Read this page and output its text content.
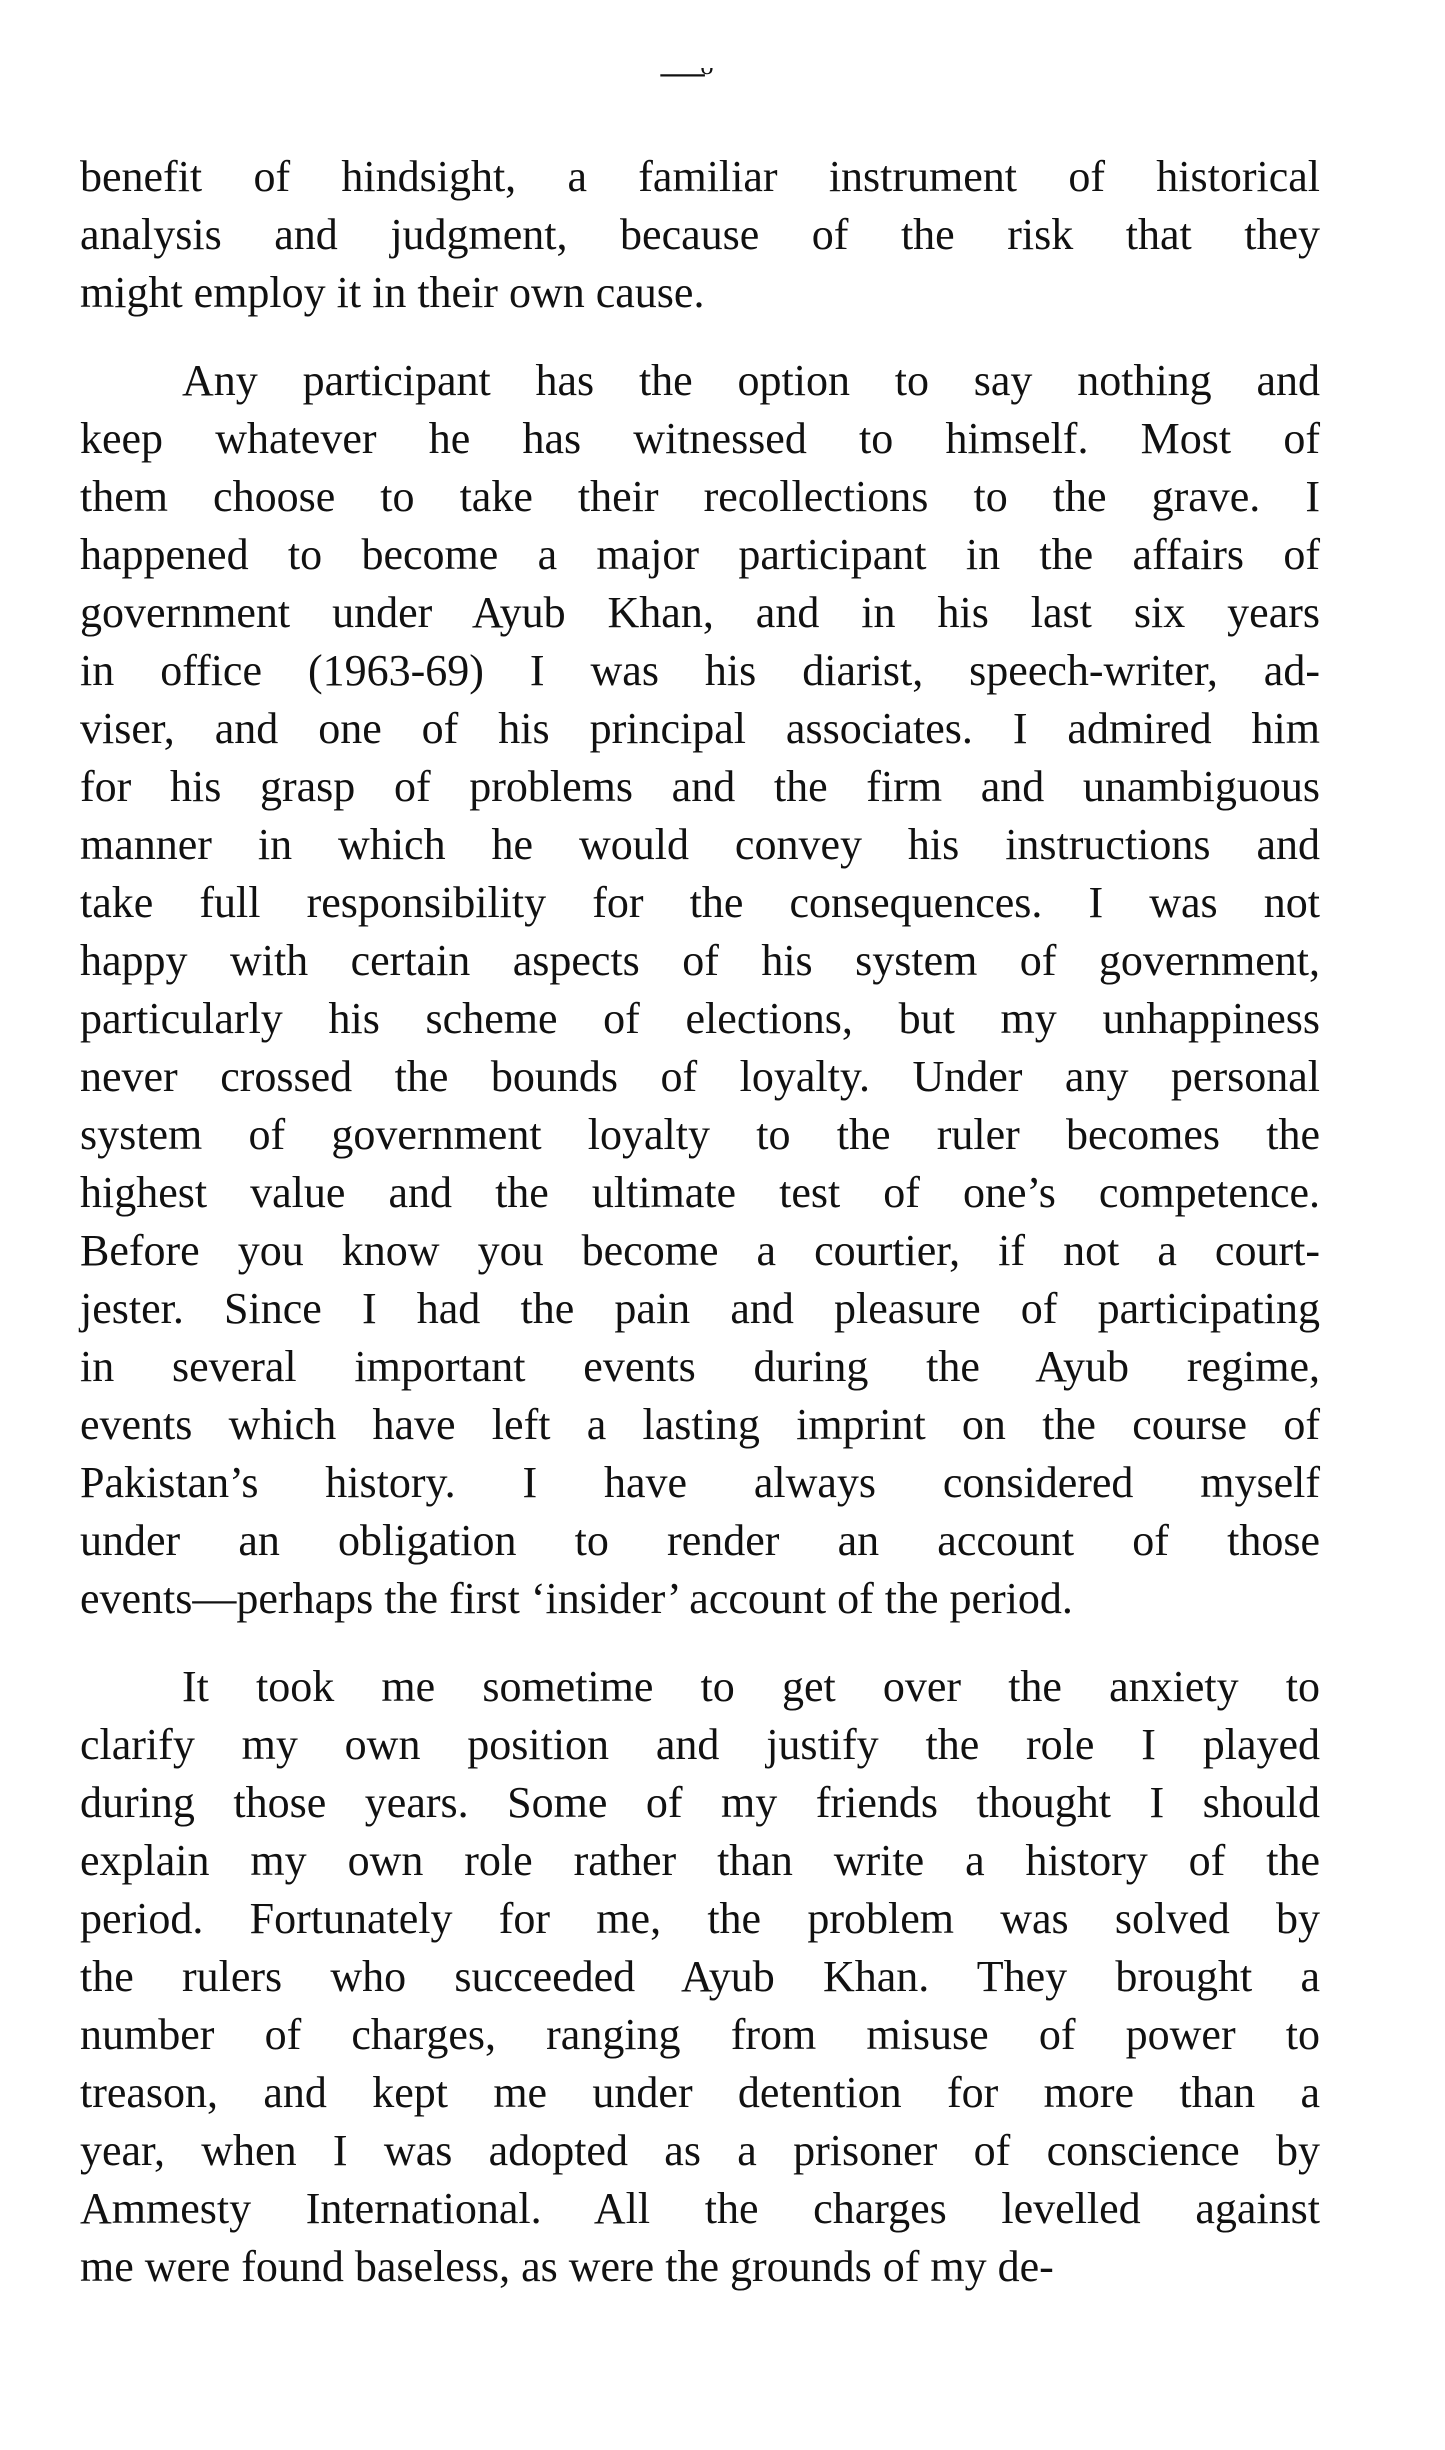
—ᵕ
benefit of hindsight, a familiar instrument of historical
analysis and judgment, because of the risk that they
might employ it in their own cause.
Any participant has the option to say nothing and
keep whatever he has witnessed to himself. Most of
them choose to take their recollections to the grave. I
happened to become a major participant in the affairs of
government under Ayub Khan, and in his last six years
in office (1963-69) I was his diarist, speech-writer, ad-
viser, and one of his principal associates. I admired him
for his grasp of problems and the firm and unambiguous
manner in which he would convey his instructions and
take full responsibility for the consequences. I was not
happy with certain aspects of his system of government,
particularly his scheme of elections, but my unhappiness
never crossed the bounds of loyalty. Under any personal
system of government loyalty to the ruler becomes the
highest value and the ultimate test of one’s competence.
Before you know you become a courtier, if not a court-
jester. Since I had the pain and pleasure of participating
in several important events during the Ayub regime,
events which have left a lasting imprint on the course of
Pakistan’s history. I have always considered myself
under an obligation to render an account of those
events—perhaps the first ‘insider’ account of the period.
It took me sometime to get over the anxiety to
clarify my own position and justify the role I played
during those years. Some of my friends thought I should
explain my own role rather than write a history of the
period. Fortunately for me, the problem was solved by
the rulers who succeeded Ayub Khan. They brought a
number of charges, ranging from misuse of power to
treason, and kept me under detention for more than a
year, when I was adopted as a prisoner of conscience by
Ammesty International. All the charges levelled against
me were found baseless, as were the grounds of my de-
